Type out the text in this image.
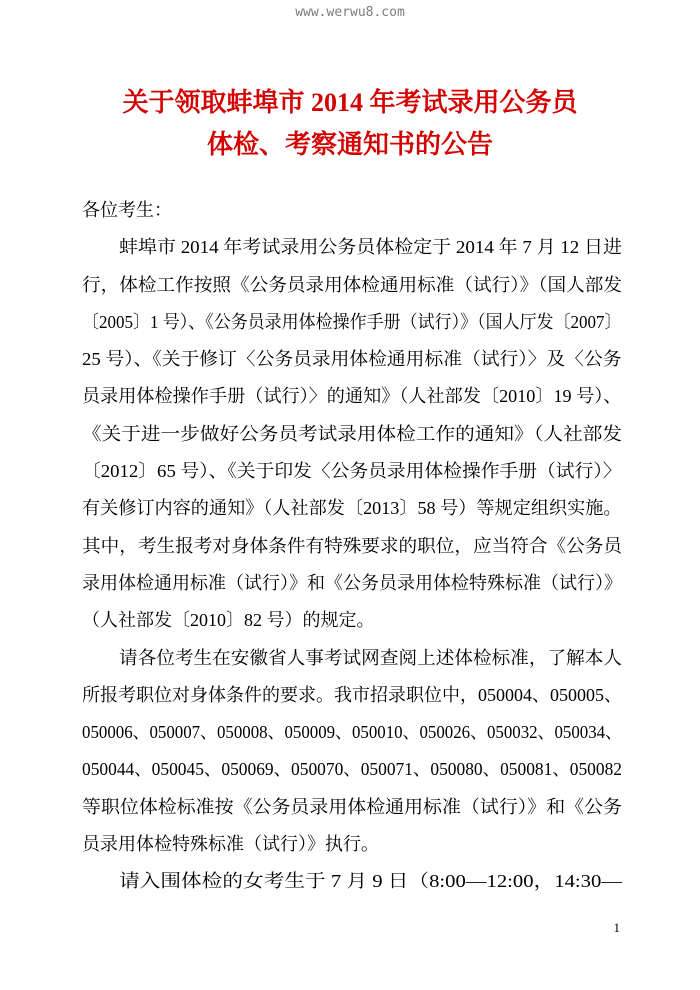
www.werwu8.com
关于领取蚌埠市 2014 年考试录用公务员
体检、考察通知书的公告
各位考生：
蚌埠市 2014 年考试录用公务员体检定于 2014 年 7 月 12 日进
行，体检工作按照《公务员录用体检通用标准（试行）》（国人部发
〔2005〕1 号）、《公务员录用体检操作手册（试行）》（国人厅发〔2007〕
25 号）、《关于修订〈公务员录用体检通用标准（试行）〉及〈公务
员录用体检操作手册（试行）〉的通知》（人社部发〔2010〕19 号）、
《关于进一步做好公务员考试录用体检工作的通知》（人社部发
〔2012〕65 号）、《关于印发〈公务员录用体检操作手册（试行）〉
有关修订内容的通知》（人社部发〔2013〕58 号）等规定组织实施。
其中，考生报考对身体条件有特殊要求的职位，应当符合《公务员
录用体检通用标准（试行）》和《公务员录用体检特殊标准（试行）》
（人社部发〔2010〕82 号）的规定。
请各位考生在安徽省人事考试网查阅上述体检标准，了解本人
所报考职位对身体条件的要求。我市招录职位中，050004、050005、
050006、050007、050008、050009、050010、050026、050032、050034、
050044、050045、050069、050070、050071、050080、050081、050082
等职位体检标准按《公务员录用体检通用标准（试行）》和《公务
员录用体检特殊标准（试行）》执行。
请入围体检的女考生于 7 月 9 日（8:00—12:00，14:30—
1
